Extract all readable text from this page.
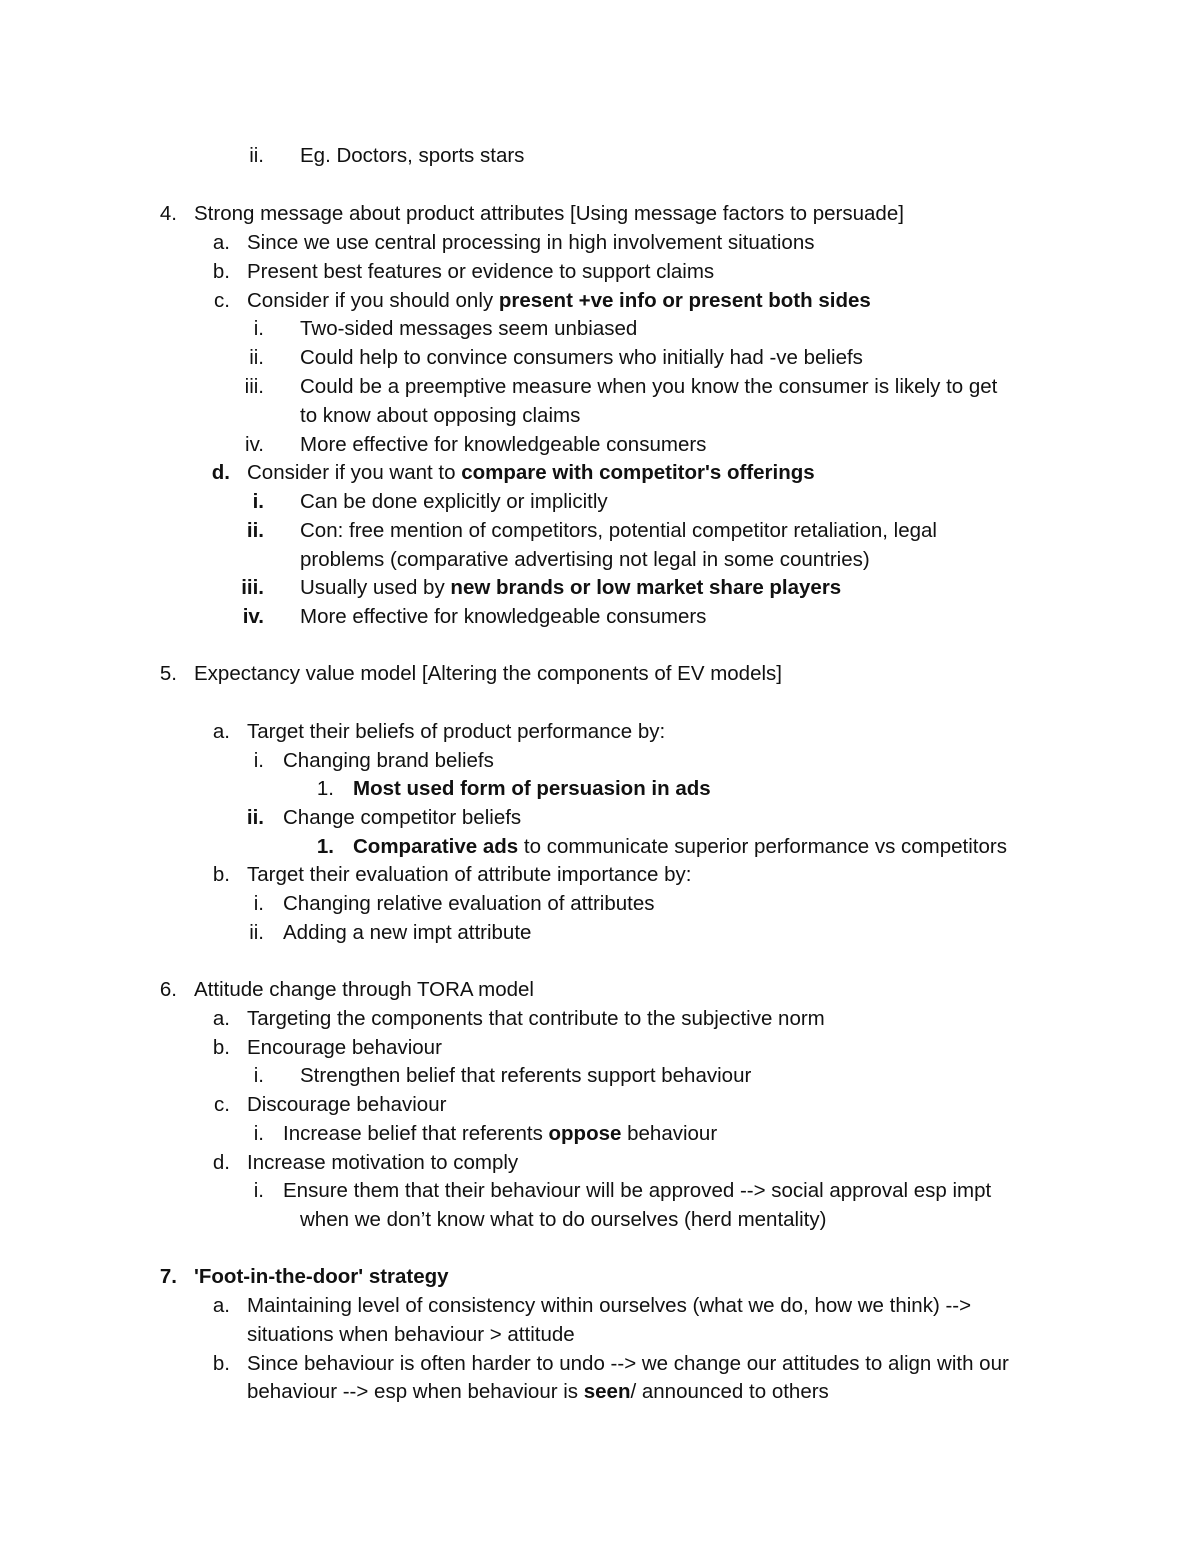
ii. Eg. Doctors, sports stars
4. Strong message about product attributes [Using message factors to persuade]
a. Since we use central processing in high involvement situations
b. Present best features or evidence to support claims
c. Consider if you should only present +ve info or present both sides
i. Two-sided messages seem unbiased
ii. Could help to convince consumers who initially had -ve beliefs
iii. Could be a preemptive measure when you know the consumer is likely to get
to know about opposing claims
iv. More effective for knowledgeable consumers
d. Consider if you want to compare with competitor's offerings
i. Can be done explicitly or implicitly
ii. Con: free mention of competitors, potential competitor retaliation, legal
problems (comparative advertising not legal in some countries)
iii. Usually used by new brands or low market share players
iv. More effective for knowledgeable consumers
5. Expectancy value model [Altering the components of EV models]
a. Target their beliefs of product performance by:
i. Changing brand beliefs
1. Most used form of persuasion in ads
ii. Change competitor beliefs
1. Comparative ads to communicate superior performance vs competitors
b. Target their evaluation of attribute importance by:
i. Changing relative evaluation of attributes
ii. Adding a new impt attribute
6. Attitude change through TORA model
a. Targeting the components that contribute to the subjective norm
b. Encourage behaviour
i. Strengthen belief that referents support behaviour
c. Discourage behaviour
i. Increase belief that referents oppose behaviour
d. Increase motivation to comply
i. Ensure them that their behaviour will be approved --> social approval esp impt
when we don’t know what to do ourselves (herd mentality)
7. 'Foot-in-the-door' strategy
a. Maintaining level of consistency within ourselves (what we do, how we think) -->
situations when behaviour > attitude
b. Since behaviour is often harder to undo --> we change our attitudes to align with our
behaviour --> esp when behaviour is seen/ announced to others
